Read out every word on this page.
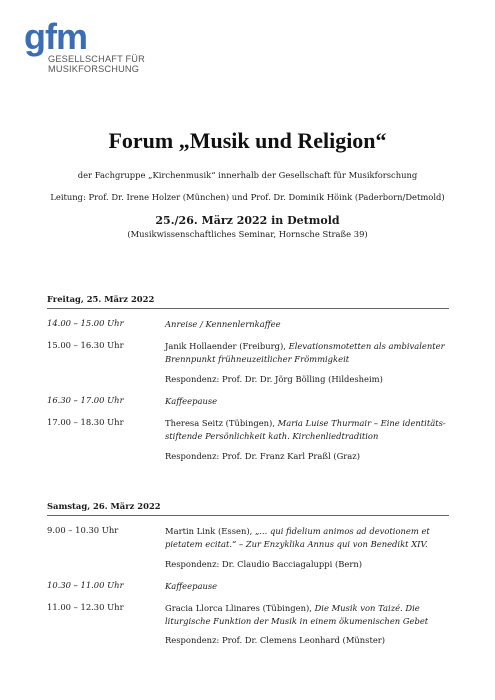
gfm
GESELLSCHAFT FÜR
MUSIKFORSCHUNG
Forum „Musik und Religion“
der Fachgruppe „Kirchenmusik“ innerhalb der Gesellschaft für Musikforschung
Leitung: Prof. Dr. Irene Holzer (München) und Prof. Dr. Dominik Höink (Paderborn/Detmold)
25./26. März 2022 in Detmold
(Musikwissenschaftliches Seminar, Hornsche Straße 39)
Freitag, 25. März 2022
14.00 – 15.00 Uhr	Anreise / Kennenlernkaffee
15.00 – 16.30 Uhr	Janik Hollaender (Freiburg), Elevationsmotetten als ambivalenter Brennpunkt frühneuzeitlicher Frömmigkeit
Respondenz: Prof. Dr. Dr. Jörg Bölling (Hildesheim)
16.30 – 17.00 Uhr	Kaffeepause
17.00 – 18.30 Uhr	Theresa Seitz (Tübingen), Maria Luise Thurmair – Eine identitäts-stiftende Persönlichkeit kath. Kirchenliedtradition
Respondenz: Prof. Dr. Franz Karl Praßl (Graz)
Samstag, 26. März 2022
9.00 – 10.30 Uhr	Martin Link (Essen), „... qui fidelium animos ad devotionem et pietatem ecitat.“ – Zur Enzyklika Annus qui von Benedikt XIV.
Respondenz: Dr. Claudio Bacciagaluppi (Bern)
10.30 – 11.00 Uhr	Kaffeepause
11.00 – 12.30 Uhr	Gracia Llorca Llinares (Tübingen), Die Musik von Taizé. Die liturgische Funktion der Musik in einem ökumenischen Gebet
Respondenz: Prof. Dr. Clemens Leonhard (Münster)
